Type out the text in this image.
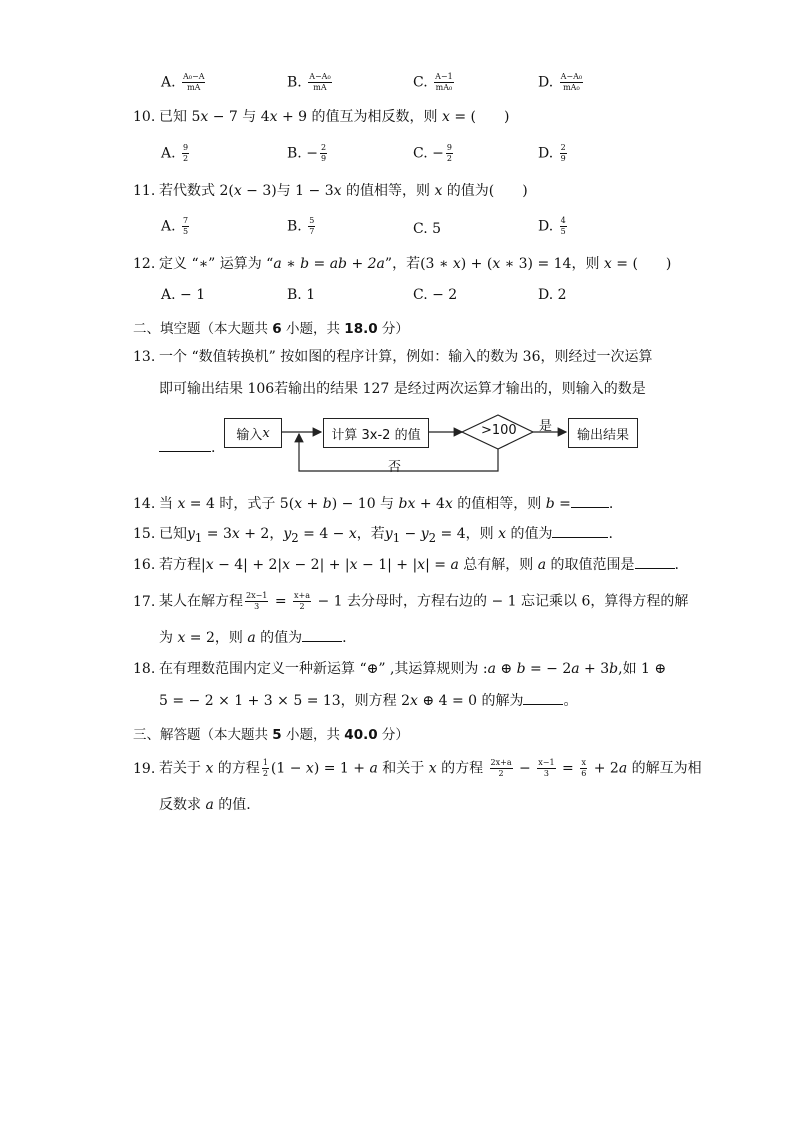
A. $\frac{\text{A₀−A}}{mA}$	B. $\frac{\text{A−A₀}}{mA}$	C. $\frac{A-1}{\text{mA₀}}$	D. $\frac{\text{A−A₀}}{\text{mA₀}}$
10. 已知 5x − 7 与 4x + 9 的值互为相反数，则 x = (　　)
A. $\frac{9}{2}$	B. − $\frac{2}{9}$	C. − $\frac{9}{2}$	D. $\frac{2}{9}$
11. 若代数式 2(x − 3)与 1 − 3x 的值相等，则 x 的值为(　　)
A. $\frac{7}{5}$	B. $\frac{5}{7}$	C. 5	D. $\frac{4}{5}$
12. 定义 “∗” 运算为 “a ∗ b = ab + 2a”，若(3 ∗ x) + (x ∗ 3) = 14，则 x = (　　)
A. − 1	B. 1	C. − 2	D. 2
二、填空题（本大题共 6 小题，共 18.0 分）
13. 一个 “数值转换机” 按如图的程序计算，例如：输入的数为 36，则经过一次运算
即可输出结果 106若输出的结果 127 是经过两次运算才输出的，则输入的数是
.
输入 x	计算 3x-2 的值	>100 是
否
输出结果
14. 当 x = 4 时，式子 5(x + b) − 10 与 bx + 4x 的值相等，则 b =	.
15. 已知$y_1 = 3x + 2$，$y_2 = 4 - x$，若$y_1 - y_2 = 4$，则 x 的值为	.
16. 若方程|x − 4| + 2|x − 2| + |x − 1| + |x| = a 总有解，则 a 的取值范围是	.
17. 某人在解方程 $\frac{2x-1}{3} = \frac{x+a}{2} - 1$ 去分母时，方程右边的 − 1 忘记乘以 6，算得方程的解
为 x = 2，则 a 的值为	.
18. 在有理数范围内定义一种新运算 “⊕” ,其运算规则为 :a ⊕ b = − 2a + 3b,如 1 ⊕
5 = − 2 × 1 + 3 × 5 = 13，则方程 2x ⊕ 4 = 0 的解为	。
三、解答题（本大题共 5 小题，共 40.0 分）
19. 若关于 x 的方程 $\frac{1}{2} (1 - x) = 1 + a$ 和关于 x 的方程 $\frac{2x+a}{2} - \frac{x-1}{3} = \frac{x}{6} + 2a$ 的解互为相
反数求 a 的值.
